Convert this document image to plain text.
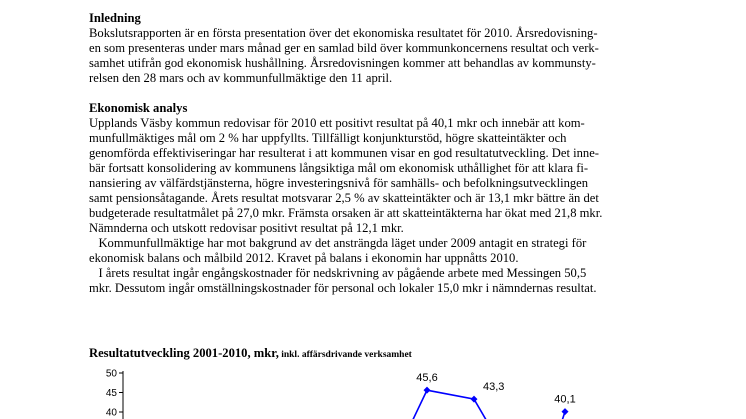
Inledning

Bokslutsrapporten är en första presentation över det ekonomiska resultatet för 2010. Årsredovisning-
en som presenteras under mars månad ger en samlad bild över kommunkoncernens resultat och verk-
samhet utifrån god ekonomisk hushållning. Årsredovisningen kommer att behandlas av kommunsty-
relsen den 28 mars och av kommunfullmäktige den 11 april.

Ekonomisk analys

Upplands Väsby kommun redovisar för 2010 ett positivt resultat på 40,1 mkr och innebär att kom-
munfullmäktiges mål om 2 % har uppfyllts. Tillfälligt konjunkturstöd, högre skatteintäkter och
genomförda effektiviseringar har resulterat i att kommunen visar en god resultatutveckling. Det inne-
bär fortsatt konsolidering av kommunens långsiktiga mål om ekonomisk uthållighet för att klara fi-
nansiering av välfärdstjänsterna, högre investeringsnivå för samhälls- och befolkningsutvecklingen
samt pensionsåtagande. Årets resultat motsvarar 2,5 % av skatteintäkter och är 13,1 mkr bättre än det
budgeterade resultatmålet på 27,0 mkr. Främsta orsaken är att skatteintäkterna har ökat med 21,8 mkr.
Nämnderna och utskott redovisar positivt resultat på 12,1 mkr.

Kommunfullmäktige har mot bakgrund av det ansträngda läget under 2009 antagit en strategi för
ekonomisk balans och målbild 2012. Kravet på balans i ekonomin har uppnåtts 2010.

I årets resultat ingår engångskostnader för nedskrivning av pågående arbete med Messingen 50,5
mkr. Dessutom ingår omställningskostnader för personal och lokaler 15,0 mkr i nämndernas resultat.

Resultatutveckling 2001-2010, mkr, inkl. affärsdrivande verksamhet
50
45
40
45,6
43,3
40,1
